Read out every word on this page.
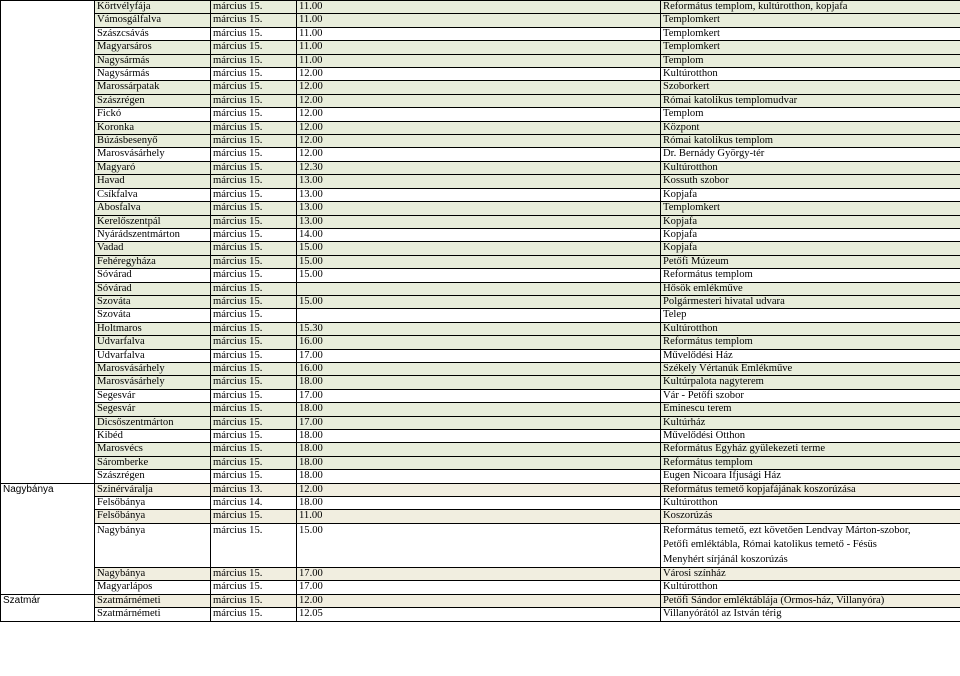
	Körtvélyfája	március 15.	11.00	Református templom, kultúrotthon, kopjafa	
	Vámosgálfalva	március 15.	11.00	Templomkert	
	Szászcsávás	március 15.	11.00	Templomkert	
	Magyarsáros	március 15.	11.00	Templomkert	
	Nagysármás	március 15.	11.00	Templom	
	Nagysármás	március 15.	12.00	Kultúrotthon	
	Marossárpatak	március 15.	12.00	Szoborkert	
	Szászrégen	március 15.	12.00	Római katolikus templomudvar	
	Fickó	március 15.	12.00	Templom	
	Koronka	március 15.	12.00	Központ	
	Búzásbesenyő	március 15.	12.00	Római katolikus templom	
	Marosvásárhely	március 15.	12.00	Dr. Bernády György-tér	
	Magyaró	március 15.	12.30	Kultúrotthon	
	Havad	március 15.	13.00	Kossuth szobor	
	Csíkfalva	március 15.	13.00	Kopjafa	
	Abosfalva	március 15.	13.00	Templomkert	
	Kerelőszentpál	március 15.	13.00	Kopjafa	
	Nyárádszentmárton	március 15.	14.00	Kopjafa	
	Vadad	március 15.	15.00	Kopjafa	
	Fehéregyháza	március 15.	15.00	Petőfi Múzeum	
	Sóvárad	március 15.	15.00	Református templom	
	Sóvárad	március 15.		Hősök emlékműve	
	Szováta	március 15.	15.00	Polgármesteri hivatal udvara	
	Szováta	március 15.		Telep	
	Holtmaros	március 15.	15.30	Kultúrotthon	
	Udvarfalva	március 15.	16.00	Református templom	
	Udvarfalva	március 15.	17.00	Művelődési Ház	
	Marosvásárhely	március 15.	16.00	Székely Vértanúk Emlékműve	
	Marosvásárhely	március 15.	18.00	Kultúrpalota nagyterem	
	Segesvár	március 15.	17.00	Vár - Petőfi szobor	
	Segesvár	március 15.	18.00	Eminescu terem	
	Dicsőszentmárton	március 15.	17.00	Kultúrház	
	Kibéd	március 15.	18.00	Művelődési Otthon	
	Marosvécs	március 15.	18.00	Református Egyház gyülekezeti terme	
	Sáromberke	március 15.	18.00	Református templom	
	Szászrégen	március 15.	18.00	Eugen Nicoara Ifjusági Ház	
Nagybánya	Szinérváralja	március 13.	12.00	Református temető kopjafájának koszorúzása	
	Felsőbánya	március 14.	18.00	Kultúrotthon	
	Felsőbánya	március 15.	11.00	Koszorúzás	
	Nagybánya	március 15.	15.00	Református temető, ezt követően Lendvay Márton-szobor,
Petőfi emléktábla, Római katolikus temető - Fésüs
Menyhért sírjánál koszorúzás

	Nagybánya	március 15.	17.00	Városi színház	
	Magyarlápos	március 15.	17.00	Kultúrotthon	
Szatmár	Szatmárnémeti	március 15.	12.00	Petőfi Sándor emléktáblája (Ormos-ház, Villanyóra)	
	Szatmárnémeti	március 15.	12.05	Villanyórától az István térig	
